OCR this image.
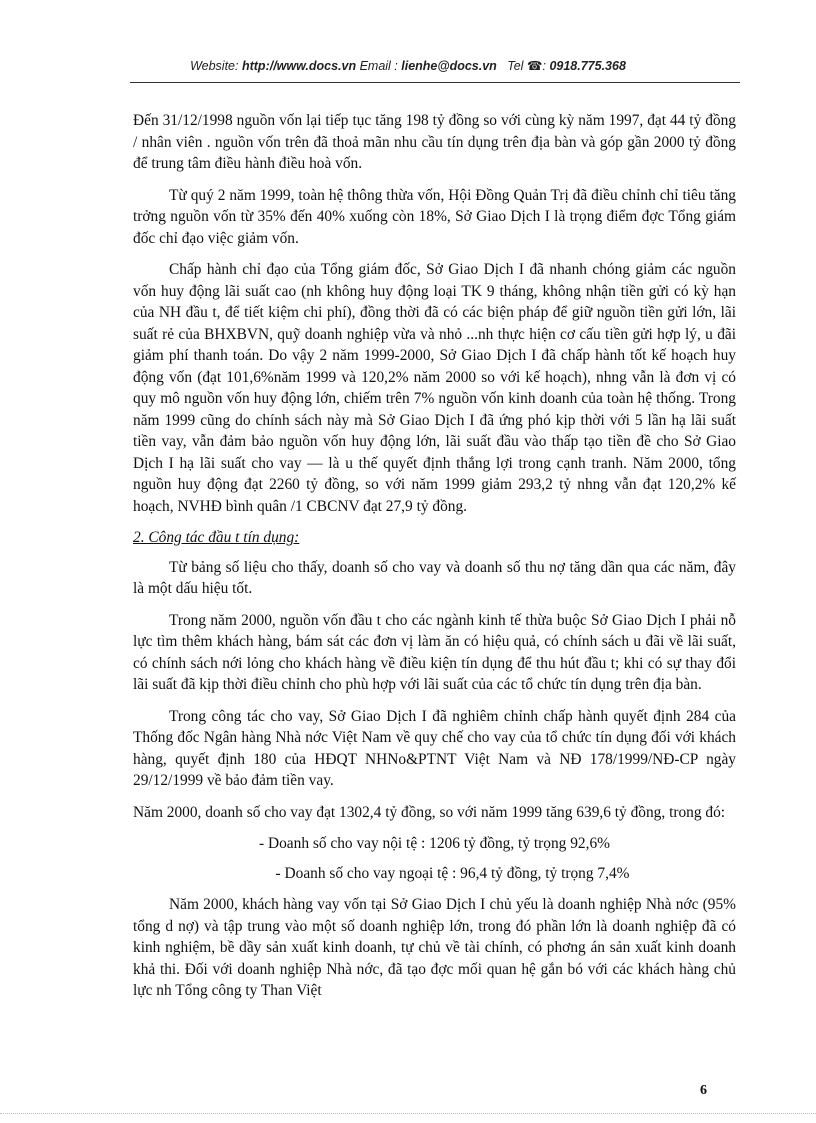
Website: http://www.docs.vn Email : lienhe@docs.vn Tel ☎: 0918.775.368

Đến 31/12/1998 nguồn vốn lại tiếp tục tăng 198 tỷ đồng so với cùng kỳ năm 1997, đạt 44 tỷ đồng / nhân viên . nguồn vốn trên đã thoả mãn nhu cầu tín dụng trên địa bàn và góp gần 2000 tỷ đồng để trung tâm điều hành điều hoà vốn.

Từ quý 2 năm 1999, toàn hệ thông thừa vốn, Hội Đồng Quản Trị đã điều chỉnh chỉ tiêu tăng trởng nguồn vốn từ 35% đến 40% xuống còn 18%, Sở Giao Dịch I là trọng điểm đợc Tổng giám đốc chỉ đạo việc giảm vốn.

Chấp hành chỉ đạo của Tổng giám đốc, Sở Giao Dịch I đã nhanh chóng giảm các nguồn vốn huy động lãi suất cao (nh không huy động loại TK 9 tháng, không nhận tiền gửi có kỳ hạn của NH đầu t, để tiết kiệm chi phí), đồng thời đã có các biện pháp để giữ nguồn tiền gửi lớn, lãi suất rẻ của BHXBVN, quỹ doanh nghiệp vừa và nhỏ ...nh thực hiện cơ cấu tiền gửi hợp lý, u đãi giảm phí thanh toán. Do vậy 2 năm 1999-2000, Sở Giao Dịch I đã chấp hành tốt kế hoạch huy động vốn (đạt 101,6%năm 1999 và 120,2% năm 2000 so với kế hoạch), nhng vẫn là đơn vị có quy mô nguồn vốn huy động lớn, chiếm trên 7% nguồn vốn kinh doanh của toàn hệ thống. Trong năm 1999 cũng do chính sách này mà Sở Giao Dịch I đã ứng phó kịp thời với 5 lần hạ lãi suất tiền vay, vẫn đảm bảo nguồn vốn huy động lớn, lãi suất đầu vào thấp tạo tiền đề cho Sở Giao Dịch I hạ lãi suất cho vay — là u thế quyết định thắng lợi trong cạnh tranh. Năm 2000, tổng nguồn huy động đạt 2260 tỷ đồng, so với năm 1999 giảm 293,2 tỷ nhng vẫn đạt 120,2% kế hoạch, NVHĐ bình quân /1 CBCNV đạt 27,9 tỷ đồng.

2. Công tác đầu t tín dụng:

Từ bảng số liệu cho thấy, doanh số cho vay và doanh số thu nợ tăng dần qua các năm, đây là một dấu hiệu tốt.

Trong năm 2000, nguồn vốn đầu t cho các ngành kinh tế thừa buộc Sở Giao Dịch I phải nỗ lực tìm thêm khách hàng, bám sát các đơn vị làm ăn có hiệu quả, có chính sách u đãi về lãi suất, có chính sách nới lỏng cho khách hàng về điều kiện tín dụng để thu hút đầu t; khi có sự thay đổi lãi suất đã kịp thời điều chỉnh cho phù hợp với lãi suất của các tổ chức tín dụng trên địa bàn.

Trong công tác cho vay, Sở Giao Dịch I đã nghiêm chỉnh chấp hành quyết định 284 của Thống đốc Ngân hàng Nhà nớc Việt Nam về quy chế cho vay của tổ chức tín dụng đối với khách hàng, quyết định 180 của HĐQT NHNo&PTNT Việt Nam và NĐ 178/1999/NĐ-CP ngày 29/12/1999 về bảo đảm tiền vay.

Năm 2000, doanh số cho vay đạt 1302,4 tỷ đồng, so với năm 1999 tăng 639,6 tỷ đồng, trong đó:

- Doanh số cho vay nội tệ : 1206 tỷ đồng, tỷ trọng 92,6%

- Doanh số cho vay ngoại tệ : 96,4 tỷ đồng, tỷ trọng 7,4%

Năm 2000, khách hàng vay vốn tại Sở Giao Dịch I chủ yếu là doanh nghiệp Nhà nớc (95% tổng d nợ) và tập trung vào một số doanh nghiệp lớn, trong đó phần lớn là doanh nghiệp đã có kinh nghiệm, bề dầy sản xuất kinh doanh, tự chủ về tài chính, có phơng án sản xuất kinh doanh khả thi. Đối với doanh nghiệp Nhà nớc, đã tạo đợc mối quan hệ gắn bó với các khách hàng chủ lực nh Tổng công ty Than Việt

6
